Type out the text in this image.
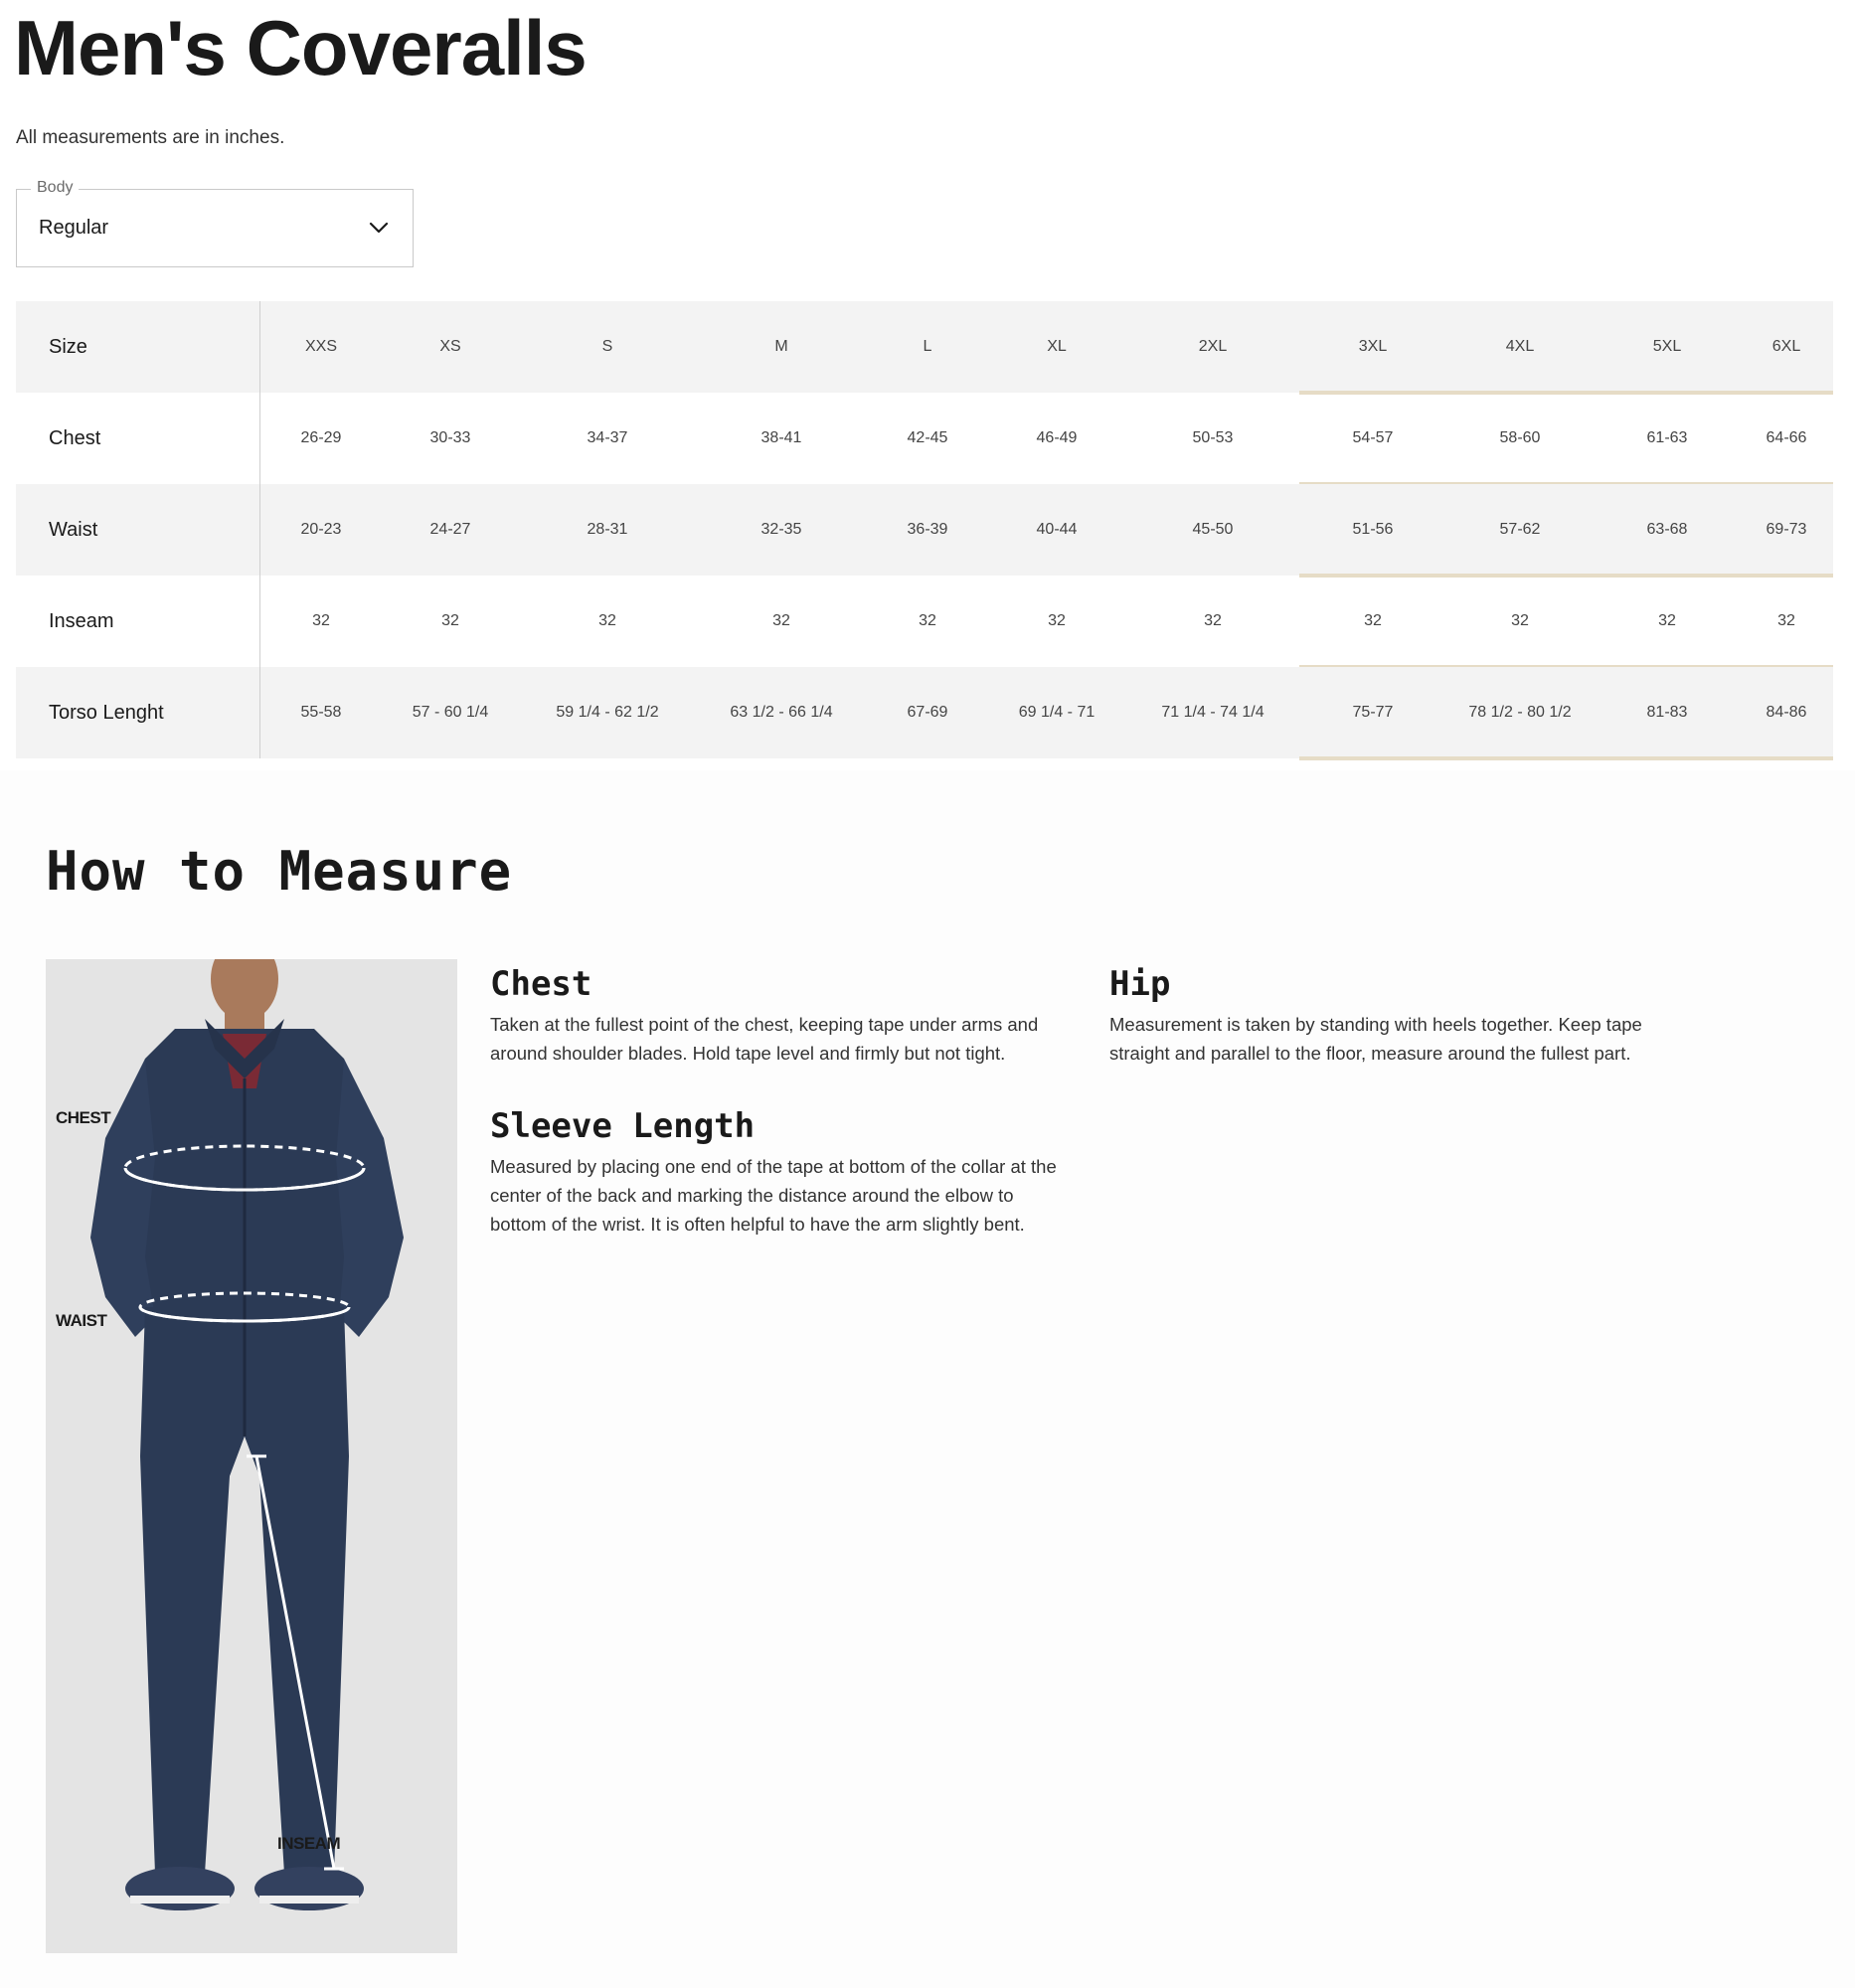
Men's Coveralls
All measurements are in inches.
Body
Regular
Size	XXS	XS	S	M	L	XL	2XL	3XL	4XL	5XL	6XL
Chest	26-29	30-33	34-37	38-41	42-45	46-49	50-53	54-57	58-60	61-63	64-66
Waist	20-23	24-27	28-31	32-35	36-39	40-44	45-50	51-56	57-62	63-68	69-73
Inseam	32	32	32	32	32	32	32	32	32	32	32
Torso Lenght	55-58	57 - 60 1/4	59 1/4 - 62 1/2	63 1/2 - 66 1/4	67-69	69 1/4 - 71	71 1/4 - 74 1/4	75-77	78 1/2 - 80 1/2	81-83	84-86
How to Measure
CHEST
WAIST
INSEAM
Chest
Taken at the fullest point of the chest, keeping tape under arms and around shoulder blades. Hold tape level and firmly but not tight.
Hip
Measurement is taken by standing with heels together. Keep tape straight and parallel to the floor, measure around the fullest part.
Sleeve Length
Measured by placing one end of the tape at bottom of the collar at the center of the back and marking the distance around the elbow to bottom of the wrist. It is often helpful to have the arm slightly bent.
